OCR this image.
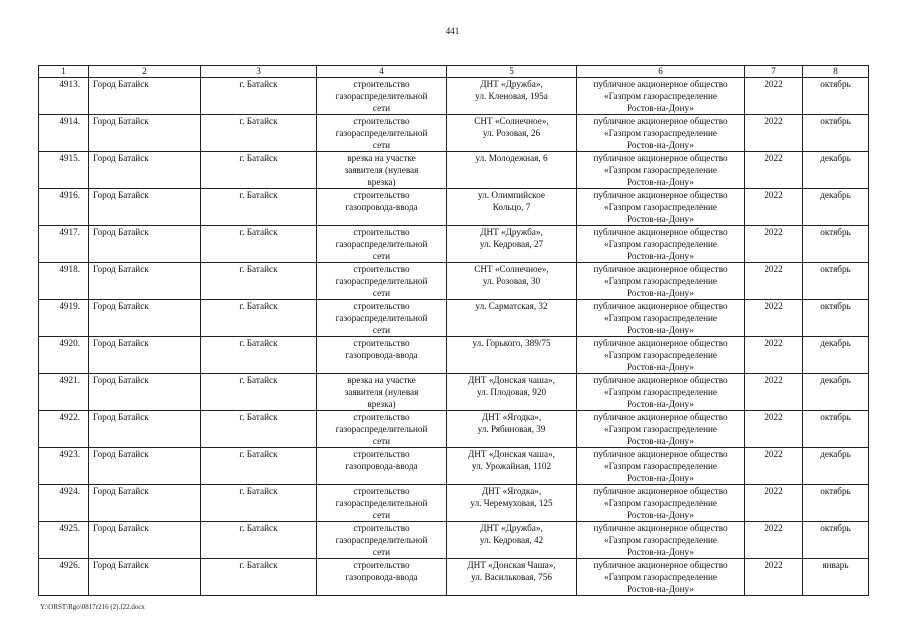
441
1	2	3	4	5	6	7	8
4913.	Город Батайск	г. Батайск	строительство
газораспределительной
сети	ДНТ «Дружба»,
ул. Кленовая, 195а	публичное акционерное общество
«Газпром газораспределение
Ростов-на-Дону»	2022	октябрь
4914.	Город Батайск	г. Батайск	строительство
газораспределительной
сети	СНТ «Солнечное»,
ул. Розовая, 26	публичное акционерное общество
«Газпром газораспределение
Ростов-на-Дону»	2022	октябрь
4915.	Город Батайск	г. Батайск	врезка на участке
заявителя (нулевая
врезка)	ул. Молодежная, 6	публичное акционерное общество
«Газпром газораспределение
Ростов-на-Дону»	2022	декабрь
4916.	Город Батайск	г. Батайск	строительство
газопровода-ввода	ул. Олимпийское
Кольцо, 7	публичное акционерное общество
«Газпром газораспределение
Ростов-на-Дону»	2022	декабрь
4917.	Город Батайск	г. Батайск	строительство
газораспределительной
сети	ДНТ «Дружба»,
ул. Кедровая, 27	публичное акционерное общество
«Газпром газораспределение
Ростов-на-Дону»	2022	октябрь
4918.	Город Батайск	г. Батайск	строительство
газораспределительной
сети	СНТ «Солнечное»,
ул. Розовая, 30	публичное акционерное общество
«Газпром газораспределение
Ростов-на-Дону»	2022	октябрь
4919.	Город Батайск	г. Батайск	строительство
газораспределительной
сети	ул. Сарматская, 32	публичное акционерное общество
«Газпром газораспределение
Ростов-на-Дону»	2022	октябрь
4920.	Город Батайск	г. Батайск	строительство
газопровода-ввода	ул. Горького, 389/75	публичное акционерное общество
«Газпром газораспределение
Ростов-на-Дону»	2022	декабрь
4921.	Город Батайск	г. Батайск	врезка на участке
заявителя (нулевая
врезка)	ДНТ «Донская чаша»,
ул. Плодовая, 920	публичное акционерное общество
«Газпром газораспределение
Ростов-на-Дону»	2022	декабрь
4922.	Город Батайск	г. Батайск	строительство
газораспределительной
сети	ДНТ «Ягодка»,
ул. Рябиновая, 39	публичное акционерное общество
«Газпром газораспределение
Ростов-на-Дону»	2022	октябрь
4923.	Город Батайск	г. Батайск	строительство
газопровода-ввода	ДНТ «Донская чаша»,
ул. Урожайная, 1102	публичное акционерное общество
«Газпром газораспределение
Ростов-на-Дону»	2022	декабрь
4924.	Город Батайск	г. Батайск	строительство
газораспределительной
сети	ДНТ «Ягодка»,
ул. Черемуховая, 125	публичное акционерное общество
«Газпром газораспределение
Ростов-на-Дону»	2022	октябрь
4925.	Город Батайск	г. Батайск	строительство
газораспределительной
сети	ДНТ «Дружба»,
ул. Кедровая, 42	публичное акционерное общество
«Газпром газораспределение
Ростов-на-Дону»	2022	октябрь
4926.	Город Батайск	г. Батайск	строительство
газопровода-ввода	ДНТ «Донская Чаша»,
ул. Васильковая, 756	публичное акционерное общество
«Газпром газораспределение
Ростов-на-Дону»	2022	январь
Y:\ORST\Rgo\0817r216 (2).f22.docx
